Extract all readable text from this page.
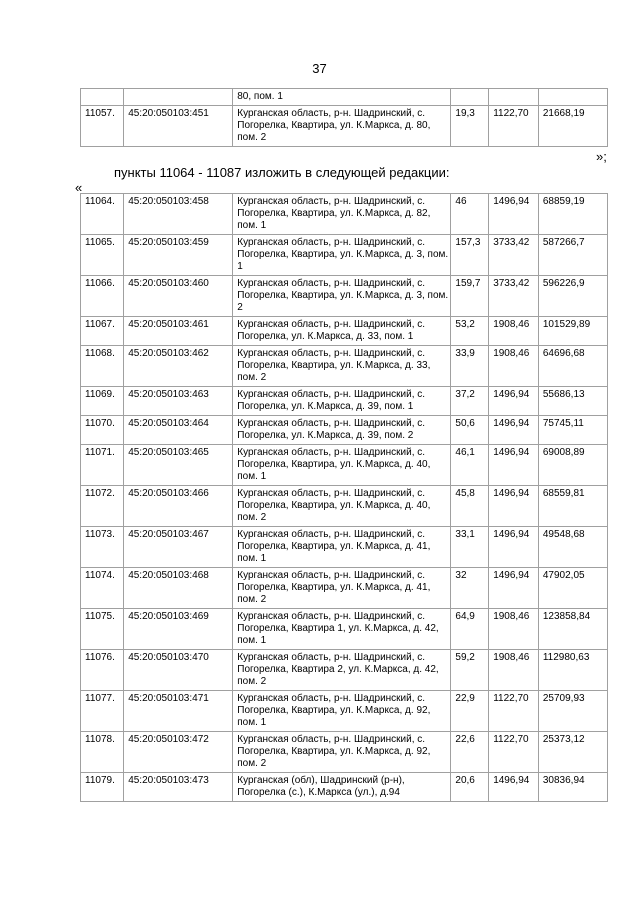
37
		80, пом. 1			
11057.	45:20:050103:451	Курганская область, р-н. Шадринский, с. Погорелка, Квартира, ул. К.Маркса, д. 80, пом. 2	19,3	1122,70	21668,19
»;
пункты 11064 - 11087 изложить в следующей редакции:
«
11064.	45:20:050103:458	Курганская область, р-н. Шадринский, с. Погорелка, Квартира, ул. К.Маркса, д. 82, пом. 1	46	1496,94	68859,19
11065.	45:20:050103:459	Курганская область, р-н. Шадринский, с. Погорелка, Квартира, ул. К.Маркса, д. 3, пом. 1	157,3	3733,42	587266,7
11066.	45:20:050103:460	Курганская область, р-н. Шадринский, с. Погорелка, Квартира, ул. К.Маркса, д. 3, пом. 2	159,7	3733,42	596226,9
11067.	45:20:050103:461	Курганская область, р-н. Шадринский, с. Погорелка, ул. К.Маркса, д. 33, пом. 1	53,2	1908,46	101529,89
11068.	45:20:050103:462	Курганская область, р-н. Шадринский, с. Погорелка, Квартира, ул. К.Маркса, д. 33, пом. 2	33,9	1908,46	64696,68
11069.	45:20:050103:463	Курганская область, р-н. Шадринский, с. Погорелка, ул. К.Маркса, д. 39, пом. 1	37,2	1496,94	55686,13
11070.	45:20:050103:464	Курганская область, р-н. Шадринский, с. Погорелка, ул. К.Маркса, д. 39, пом. 2	50,6	1496,94	75745,11
11071.	45:20:050103:465	Курганская область, р-н. Шадринский, с. Погорелка, Квартира, ул. К.Маркса, д. 40, пом. 1	46,1	1496,94	69008,89
11072.	45:20:050103:466	Курганская область, р-н. Шадринский, с. Погорелка, Квартира, ул. К.Маркса, д. 40, пом. 2	45,8	1496,94	68559,81
11073.	45:20:050103:467	Курганская область, р-н. Шадринский, с. Погорелка, Квартира, ул. К.Маркса, д. 41, пом. 1	33,1	1496,94	49548,68
11074.	45:20:050103:468	Курганская область, р-н. Шадринский, с. Погорелка, Квартира, ул. К.Маркса, д. 41, пом. 2	32	1496,94	47902,05
11075.	45:20:050103:469	Курганская область, р-н. Шадринский, с. Погорелка, Квартира 1, ул. К.Маркса, д. 42, пом. 1	64,9	1908,46	123858,84
11076.	45:20:050103:470	Курганская область, р-н. Шадринский, с. Погорелка, Квартира 2, ул. К.Маркса, д. 42, пом. 2	59,2	1908,46	112980,63
11077.	45:20:050103:471	Курганская область, р-н. Шадринский, с. Погорелка, Квартира, ул. К.Маркса, д. 92, пом. 1	22,9	1122,70	25709,93
11078.	45:20:050103:472	Курганская область, р-н. Шадринский, с. Погорелка, Квартира, ул. К.Маркса, д. 92, пом. 2	22,6	1122,70	25373,12
11079.	45:20:050103:473	Курганская (обл), Шадринский (р-н), Погорелка (с.), К.Маркса (ул.), д.94	20,6	1496,94	30836,94
